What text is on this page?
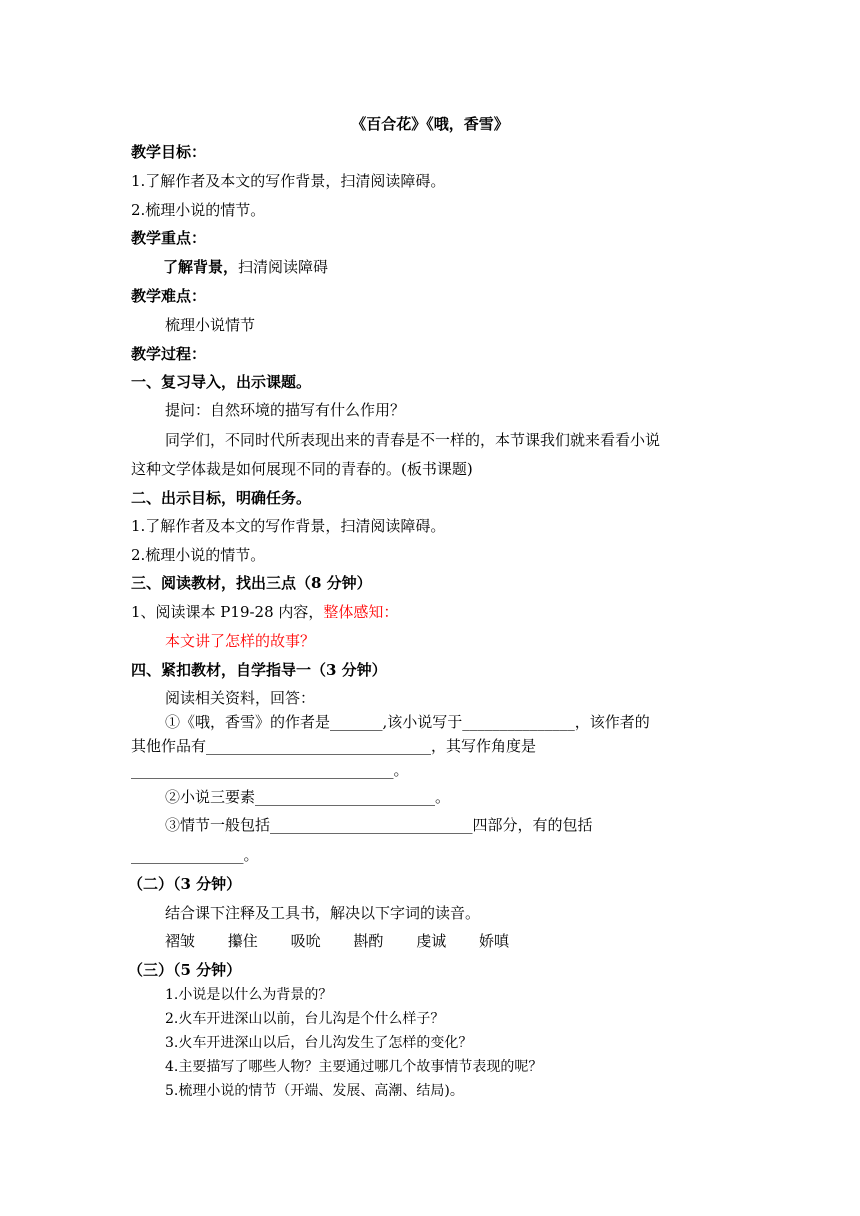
《百合花》《哦，香雪》
教学目标：
1.了解作者及本文的写作背景，扫清阅读障碍。
2.梳理小说的情节。
教学重点：
了解背景，扫清阅读障碍
教学难点：
梳理小说情节
教学过程：
一、复习导入，出示课题。
提问：自然环境的描写有什么作用？
同学们，不同时代所表现出来的青春是不一样的，本节课我们就来看看小说
这种文学体裁是如何展现不同的青春的。(板书课题)
二、出示目标，明确任务。
1.了解作者及本文的写作背景，扫清阅读障碍。
2.梳理小说的情节。
三、阅读教材，找出三点（8 分钟）
1、阅读课本 P19-28 内容，整体感知：
本文讲了怎样的故事？
四、紧扣教材，自学指导一（3 分钟）
阅读相关资料，回答：
①《哦，香雪》的作者是_______,该小说写于_______________，该作者的
其他作品有______________________________，其写作角度是
___________________________________。
②小说三要素________________________。
③情节一般包括___________________________四部分，有的包括
_______________。
（二）（3 分钟）
结合课下注释及工具书，解决以下字词的读音。
褶皱 攥住 吸吮 斟酌 虔诚 娇嗔
（三）（5 分钟）
1.小说是以什么为背景的？
2.火车开进深山以前，台儿沟是个什么样子？
3.火车开进深山以后，台儿沟发生了怎样的变化？
4.主要描写了哪些人物？主要通过哪几个故事情节表现的呢？
5.梳理小说的情节（开端、发展、高潮、结局)。
